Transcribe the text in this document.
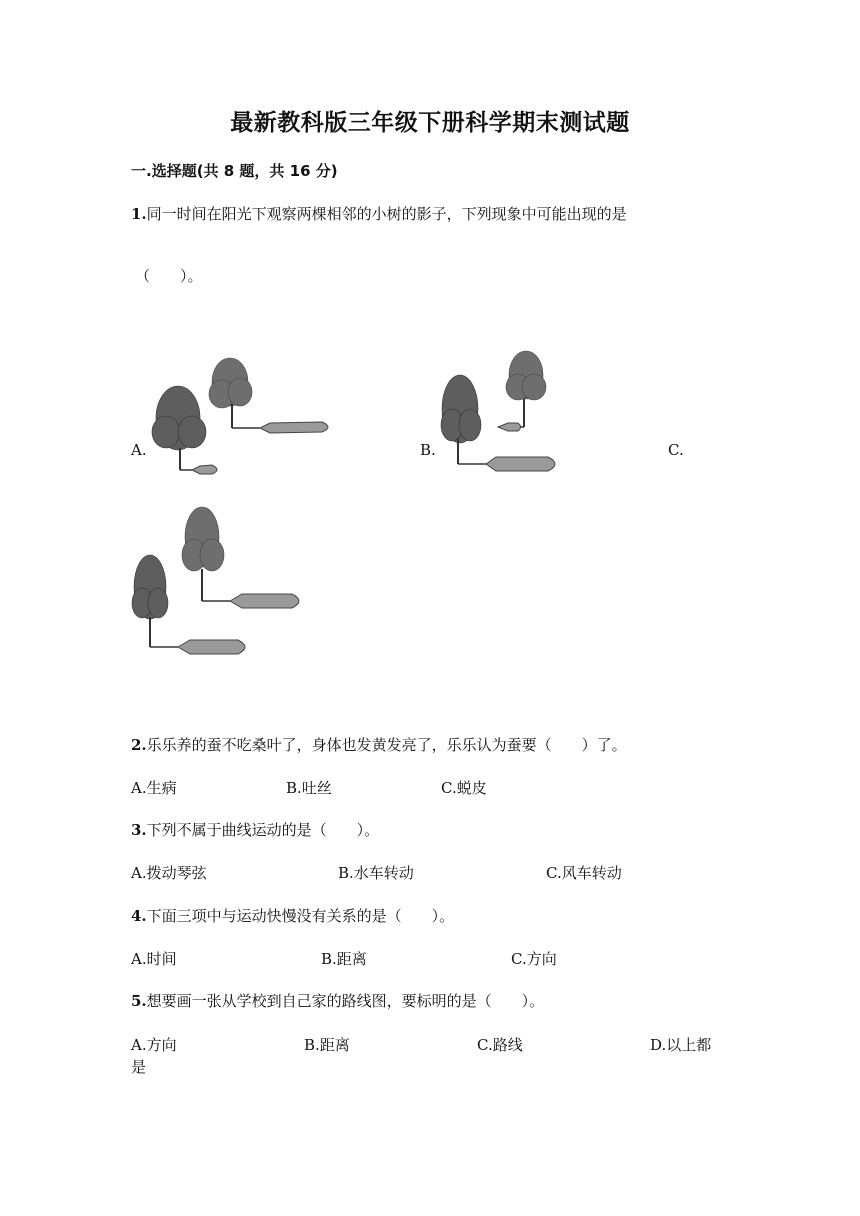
最新教科版三年级下册科学期末测试题
一.选择题(共 8 题，共 16 分)
1.同一时间在阳光下观察两棵相邻的小树的影子，下列现象中可能出现的是
（　　）。
A.	B.	C.
2.乐乐养的蚕不吃桑叶了，身体也发黄发亮了，乐乐认为蚕要（　　）了。
A.生病	B.吐丝	C.蜕皮
3.下列不属于曲线运动的是（　　）。
A.拨动琴弦	B.水车转动	C.风车转动
4.下面三项中与运动快慢没有关系的是（　　）。
A.时间	B.距离	C.方向
5.想要画一张从学校到自己家的路线图，要标明的是（　　）。
A.方向	B.距离	C.路线	D.以上都
是
